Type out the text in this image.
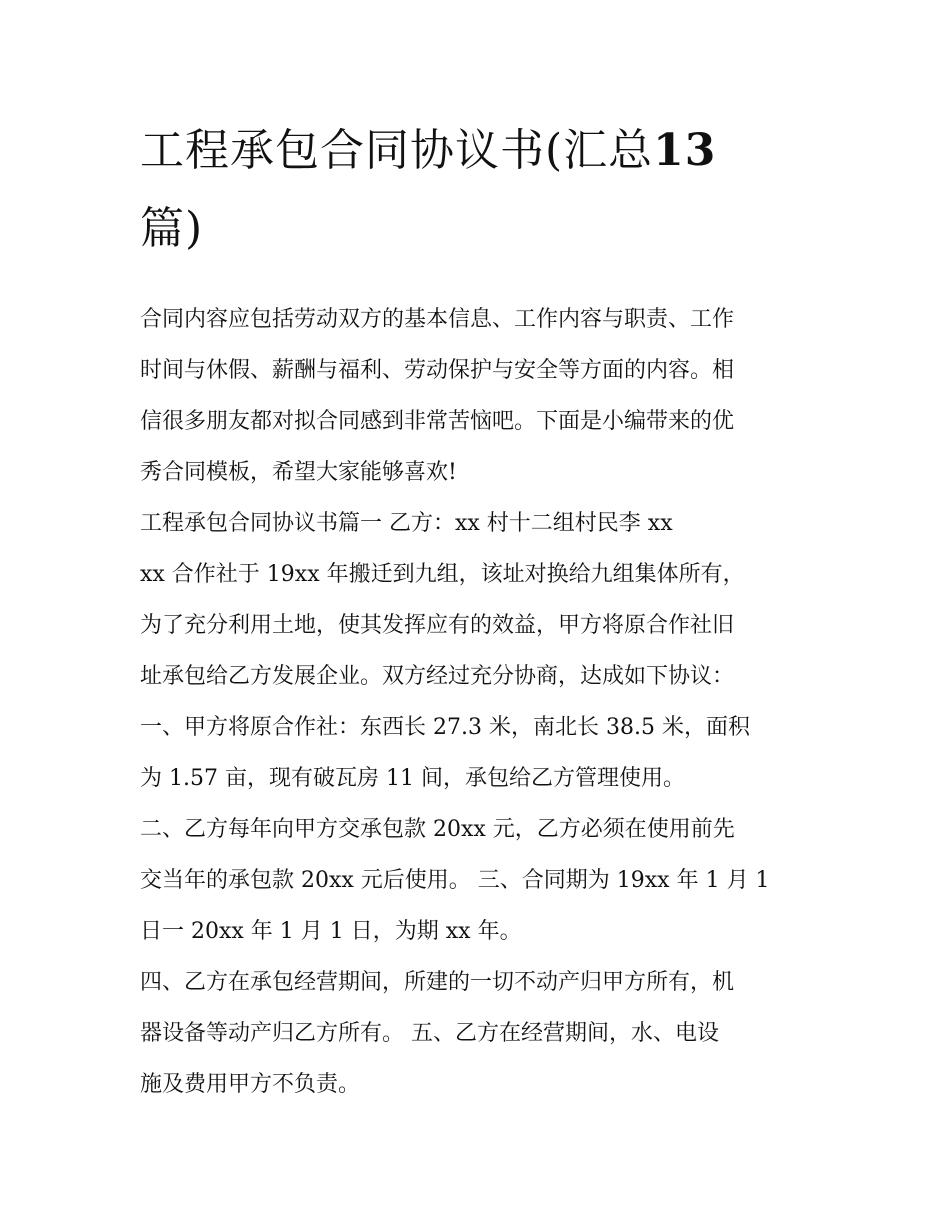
工程承包合同协议书(汇总13
篇)
合同内容应包括劳动双方的基本信息、工作内容与职责、工作
时间与休假、薪酬与福利、劳动保护与安全等方面的内容。相
信很多朋友都对拟合同感到非常苦恼吧。下面是小编带来的优
秀合同模板，希望大家能够喜欢!
工程承包合同协议书篇一 乙方：xx 村十二组村民李 xx
xx 合作社于 19xx 年搬迁到九组，该址对换给九组集体所有，
为了充分利用土地，使其发挥应有的效益，甲方将原合作社旧
址承包给乙方发展企业。双方经过充分协商，达成如下协议：
一、甲方将原合作社：东西长 27.3 米，南北长 38.5 米，面积
为 1.57 亩，现有破瓦房 11 间，承包给乙方管理使用。
二、乙方每年向甲方交承包款 20xx 元，乙方必须在使用前先
交当年的承包款 20xx 元后使用。 三、合同期为 19xx 年 1 月 1
日一 20xx 年 1 月 1 日，为期 xx 年。
四、乙方在承包经营期间，所建的一切不动产归甲方所有，机
器设备等动产归乙方所有。 五、乙方在经营期间，水、电设
施及费用甲方不负责。
